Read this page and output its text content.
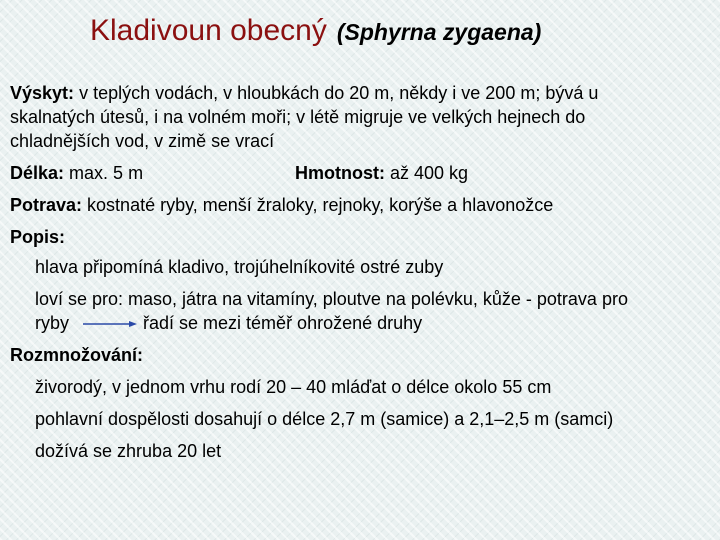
Kladivoun obecný (Sphyrna zygaena)
Výskyt: v teplých vodách, v hloubkách do 20 m, někdy i ve 200 m; bývá u
skalnatých útesů, i na volném moři; v létě migruje ve velkých hejnech do
chladnějších vod, v zimě se vrací
Délka: max. 5 m	Hmotnost: až 400 kg
Potrava: kostnaté ryby, menší žraloky, rejnoky, korýše a hlavonožce
Popis:
hlava připomíná kladivo, trojúhelníkovité ostré zuby
loví se pro: maso, játra na vitamíny, ploutve na polévku, kůže - potrava pro
ryby	řadí se mezi téměř ohrožené druhy
Rozmnožování:
živorodý, v jednom vrhu rodí 20 – 40 mláďat o délce okolo 55 cm
pohlavní dospělosti dosahují o délce 2,7 m (samice) a 2,1–2,5 m (samci)
dožívá se zhruba 20 let
